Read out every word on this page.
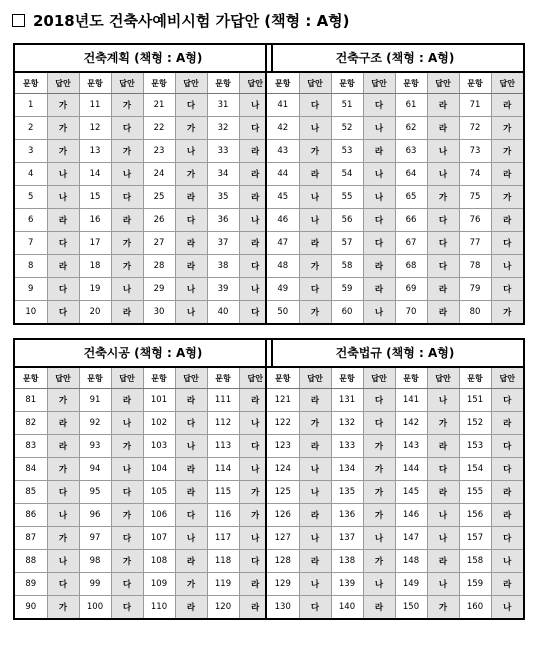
2018년도 건축사예비시험 가답안 (책형 : A형)
건축계획 (책형 : A형)
문항	답안	문항	답안	문항	답안	문항	답안
1	가	11	가	21	다	31	나
2	가	12	다	22	가	32	다
3	가	13	가	23	나	33	라
4	나	14	나	24	가	34	라
5	나	15	다	25	라	35	라
6	라	16	라	26	다	36	나
7	다	17	가	27	라	37	라
8	라	18	가	28	라	38	다
9	다	19	나	29	나	39	나
10	다	20	라	30	나	40	다
건축구조 (책형 : A형)
문항	답안	문항	답안	문항	답안	문항	답안
41	다	51	다	61	라	71	라
42	나	52	나	62	라	72	가
43	가	53	라	63	나	73	가
44	라	54	나	64	나	74	라
45	나	55	나	65	가	75	가
46	나	56	다	66	다	76	라
47	라	57	다	67	다	77	다
48	가	58	라	68	다	78	나
49	다	59	라	69	라	79	다
50	가	60	나	70	라	80	가
건축시공 (책형 : A형)
문항	답안	문항	답안	문항	답안	문항	답안
81	가	91	라	101	라	111	라
82	라	92	나	102	다	112	나
83	라	93	가	103	나	113	다
84	가	94	나	104	라	114	나
85	다	95	다	105	라	115	가
86	나	96	가	106	다	116	가
87	가	97	다	107	나	117	나
88	나	98	가	108	라	118	다
89	다	99	다	109	가	119	라
90	가	100	다	110	라	120	라
건축법규 (책형 : A형)
문항	답안	문항	답안	문항	답안	문항	답안
121	라	131	다	141	나	151	다
122	가	132	다	142	가	152	라
123	라	133	가	143	라	153	다
124	나	134	가	144	다	154	다
125	나	135	가	145	라	155	라
126	라	136	가	146	나	156	라
127	나	137	나	147	나	157	다
128	라	138	가	148	라	158	나
129	나	139	나	149	나	159	라
130	다	140	라	150	가	160	나
